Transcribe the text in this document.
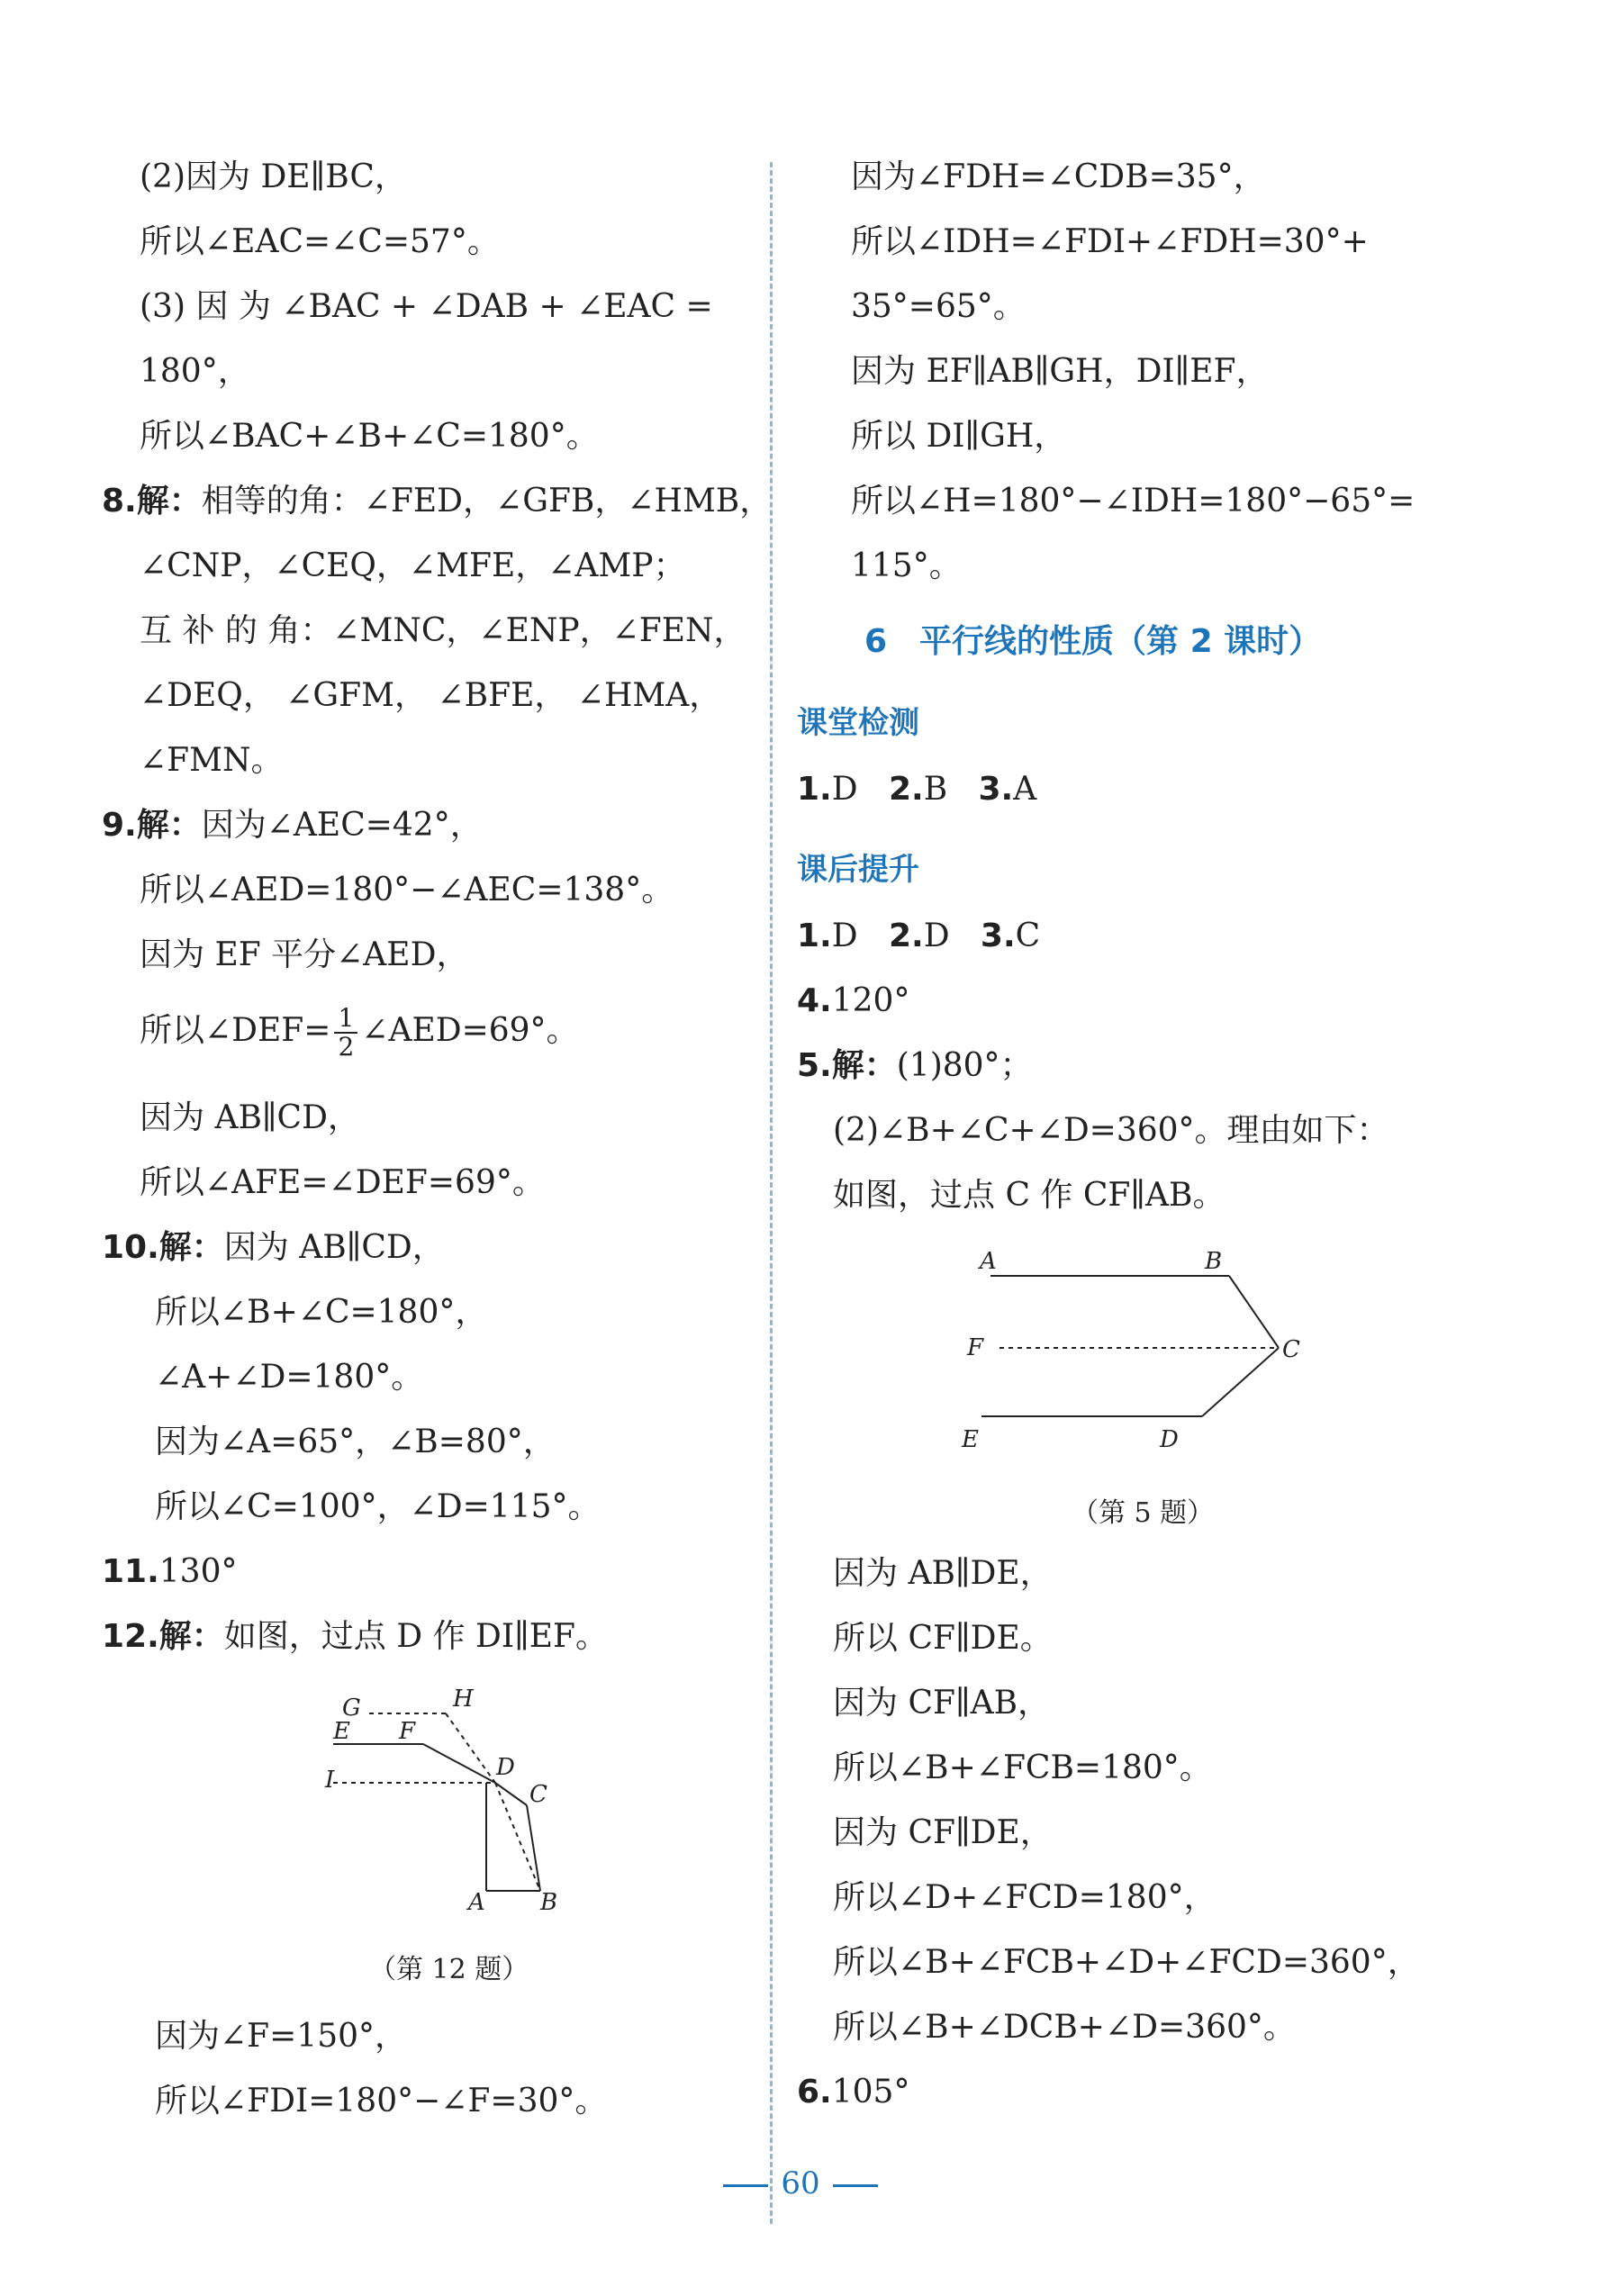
(2)因为 DE∥BC，
所以∠EAC=∠C=57°。
(3) 因 为 ∠BAC + ∠DAB + ∠EAC =
180°，
所以∠BAC+∠B+∠C=180°。
8.解：相等的角：∠FED，∠GFB，∠HMB，
∠CNP，∠CEQ，∠MFE，∠AMP；
互 补 的 角：∠MNC，∠ENP，∠FEN，
∠DEQ， ∠GFM， ∠BFE， ∠HMA，
∠FMN。
9.解：因为∠AEC=42°，
所以∠AED=180°−∠AEC=138°。
因为 EF 平分∠AED，
所以∠DEF= $\frac{1}{2}$ ∠AED=69°。
因为 AB∥CD，
所以∠AFE=∠DEF=69°。
10.解：因为 AB∥CD，
所以∠B+∠C=180°，
∠A+∠D=180°。
因为∠A=65°，∠B=80°，
所以∠C=100°，∠D=115°。
11.130°
12.解：如图，过点 D 作 DI∥EF。
G	H
E F
D
I
C
A B
（第 12 题）
因为∠F=150°，
所以∠FDI=180°−∠F=30°。
因为∠FDH=∠CDB=35°，
所以∠IDH=∠FDI+∠FDH=30°+
35°=65°。
因为 EF∥AB∥GH，DI∥EF，
所以 DI∥GH，
所以∠H=180°−∠IDH=180°−65°=
115°。
6　平行线的性质（第 2 课时）
课堂检测
1.D 2.B 3.A
课后提升
1.D 2.D 3.C
4.120°
5.解：(1)80°；
(2)∠B+∠C+∠D=360°。理由如下：
如图，过点 C 作 CF∥AB。
A	B
F	C
E	D
（第 5 题）
因为 AB∥DE，
所以 CF∥DE。
因为 CF∥AB，
所以∠B+∠FCB=180°。
因为 CF∥DE，
所以∠D+∠FCD=180°，
所以∠B+∠FCB+∠D+∠FCD=360°，
所以∠B+∠DCB+∠D=360°。
6.105°
60
